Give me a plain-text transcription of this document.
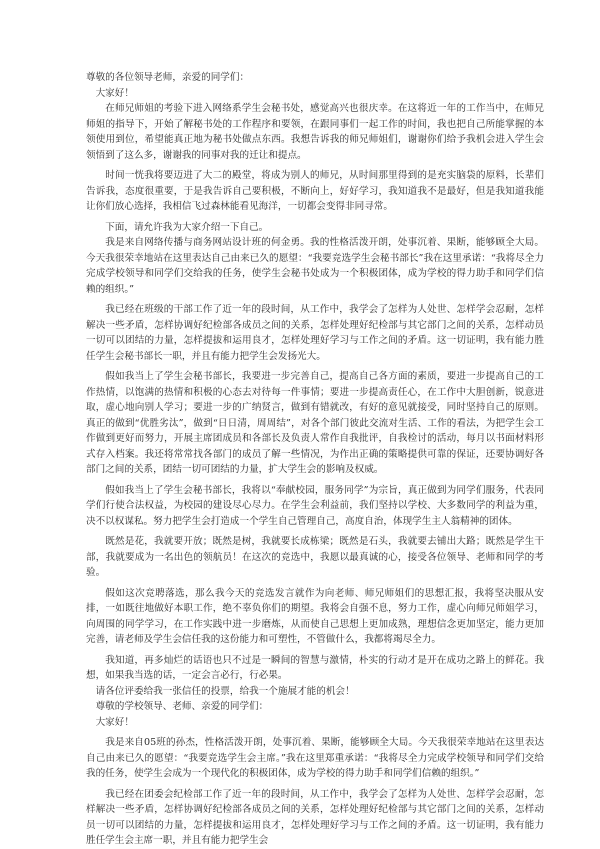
尊敬的各位领导老师，亲爱的同学们：

大家好！

在师兄师姐的考验下进入网络系学生会秘书处，感觉高兴也很庆幸。在这将近一年的工作当中，在师兄师姐的指导下，开始了解秘书处的工作程序和要领，在跟同事们一起工作的时间，我也把自己所能掌握的本领使用到位，希望能真正地为秘书处做点东西。我想告诉我的师兄师姐们，谢谢你们给予我机会进入学生会领悟到了这么多，谢谢我的同事对我的迁让和提点。

时间一恍我将要迈进了大二的殿堂，将成为别人的师兄，从时间那里得到的是充实脑袋的原料，长辈们告诉我，态度很重要，于是我告诉自己要积极，不断向上，好好学习，我知道我不是最好，但是我知道我能让你们放心选择，我相信飞过森林能看见海洋，一切都会变得非同寻常。

下面，请允许我为大家介绍一下自己。

我是来自网络传播与商务网站设计班的何金勇。我的性格活泼开朗，处事沉着、果断，能够顾全大局。今天我很荣幸地站在这里表达自己由来已久的愿望：“我要竞选学生会秘书部长”我在这里承诺：“我将尽全力完成学校领导和同学们交给我的任务，使学生会秘书处成为一个积极团体，成为学校的得力助手和同学们信赖的组织。”

我已经在班级的干部工作了近一年的段时间，从工作中，我学会了怎样为人处世、怎样学会忍耐，怎样解决一些矛盾，怎样协调好纪检部各成员之间的关系，怎样处理好纪检部与其它部门之间的关系，怎样动员一切可以团结的力量，怎样提拔和运用良才，怎样处理好学习与工作之间的矛盾。这一切证明，我有能力胜任学生会秘书部长一职，并且有能力把学生会发扬光大。

假如我当上了学生会秘书部长，我要进一步完善自己，提高自己各方面的素质，要进一步提高自己的工作热情，以饱满的热情和积极的心态去对待每一件事情；要进一步提高责任心，在工作中大胆创新，锐意进取，虚心地向别人学习；要进一步的广纳贤言，做到有错就改，有好的意见就接受，同时坚持自己的原则。真正的做到“优胜劣汰”，做到“日日清，周周结”，对各个部门彼此交流对生活、工作的看法，为把学生会工作做到更好而努力，开展主席团成员和各部长及负责人常作自我批评，自我检讨的活动，每月以书面材料形式存入档案。我还将常常找各部门的成员了解一些情况，为作出正确的策略提供可靠的保证，还要协调好各部门之间的关系，团结一切可团结的力量，扩大学生会的影响及权威。

假如我当上了学生会秘书部长，我将以“奉献校园，服务同学”为宗旨，真正做到为同学们服务，代表同学们行使合法权益，为校园的建设尽心尽力。在学生会利益前，我们坚持以学校、大多数同学的利益为重，决不以权谋私。努力把学生会打造成一个学生自己管理自己，高度自治，体现学生主人翁精神的团体。

既然是花，我就要开放；既然是树，我就要长成栋梁；既然是石头，我就要去铺出大路；既然是学生干部，我就要成为一名出色的领航员！在这次的竞选中，我愿以最真诚的心，接受各位领导、老师和同学的考验。

假如这次竞聘落选，那么我今天的竞选发言就作为向老师、师兄师姐们的思想汇报，我将坚决服从安排，一如既往地做好本职工作，绝不辜负你们的期望。我将会自强不息，努力工作，虚心向师兄师姐学习，向周围的同学学习，在工作实践中进一步磨炼，从而使自己思想上更加成熟，理想信念更加坚定，能力更加完善，请老师及学生会信任我的这份能力和可塑性，不管做什么，我都将竭尽全力。

我知道，再多灿烂的话语也只不过是一瞬间的智慧与激情，朴实的行动才是开在成功之路上的鲜花。我想，如果我当选的话，一定会言必行，行必果。

请各位评委给我一张信任的投票，给我一个施展才能的机会！

尊敬的学校领导、老师、亲爱的同学们：

大家好！

我是来自05班的孙杰，性格活泼开朗，处事沉着、果断，能够顾全大局。今天我很荣幸地站在这里表达自己由来已久的愿望：“我要竞选学生会主席。”我在这里郑重承诺：“我将尽全力完成学校领导和同学们交给我的任务，使学生会成为一个现代化的积极团体，成为学校的得力助手和同学们信赖的组织。”

我已经在团委会纪检部工作了近一年的段时间，从工作中，我学会了怎样为人处世、怎样学会忍耐，怎样解决一些矛盾，怎样协调好纪检部各成员之间的关系，怎样处理好纪检部与其它部门之间的关系，怎样动员一切可以团结的力量，怎样提拔和运用良才，怎样处理好学习与工作之间的矛盾。这一切证明，我有能力胜任学生会主席一职，并且有能力把学生会
